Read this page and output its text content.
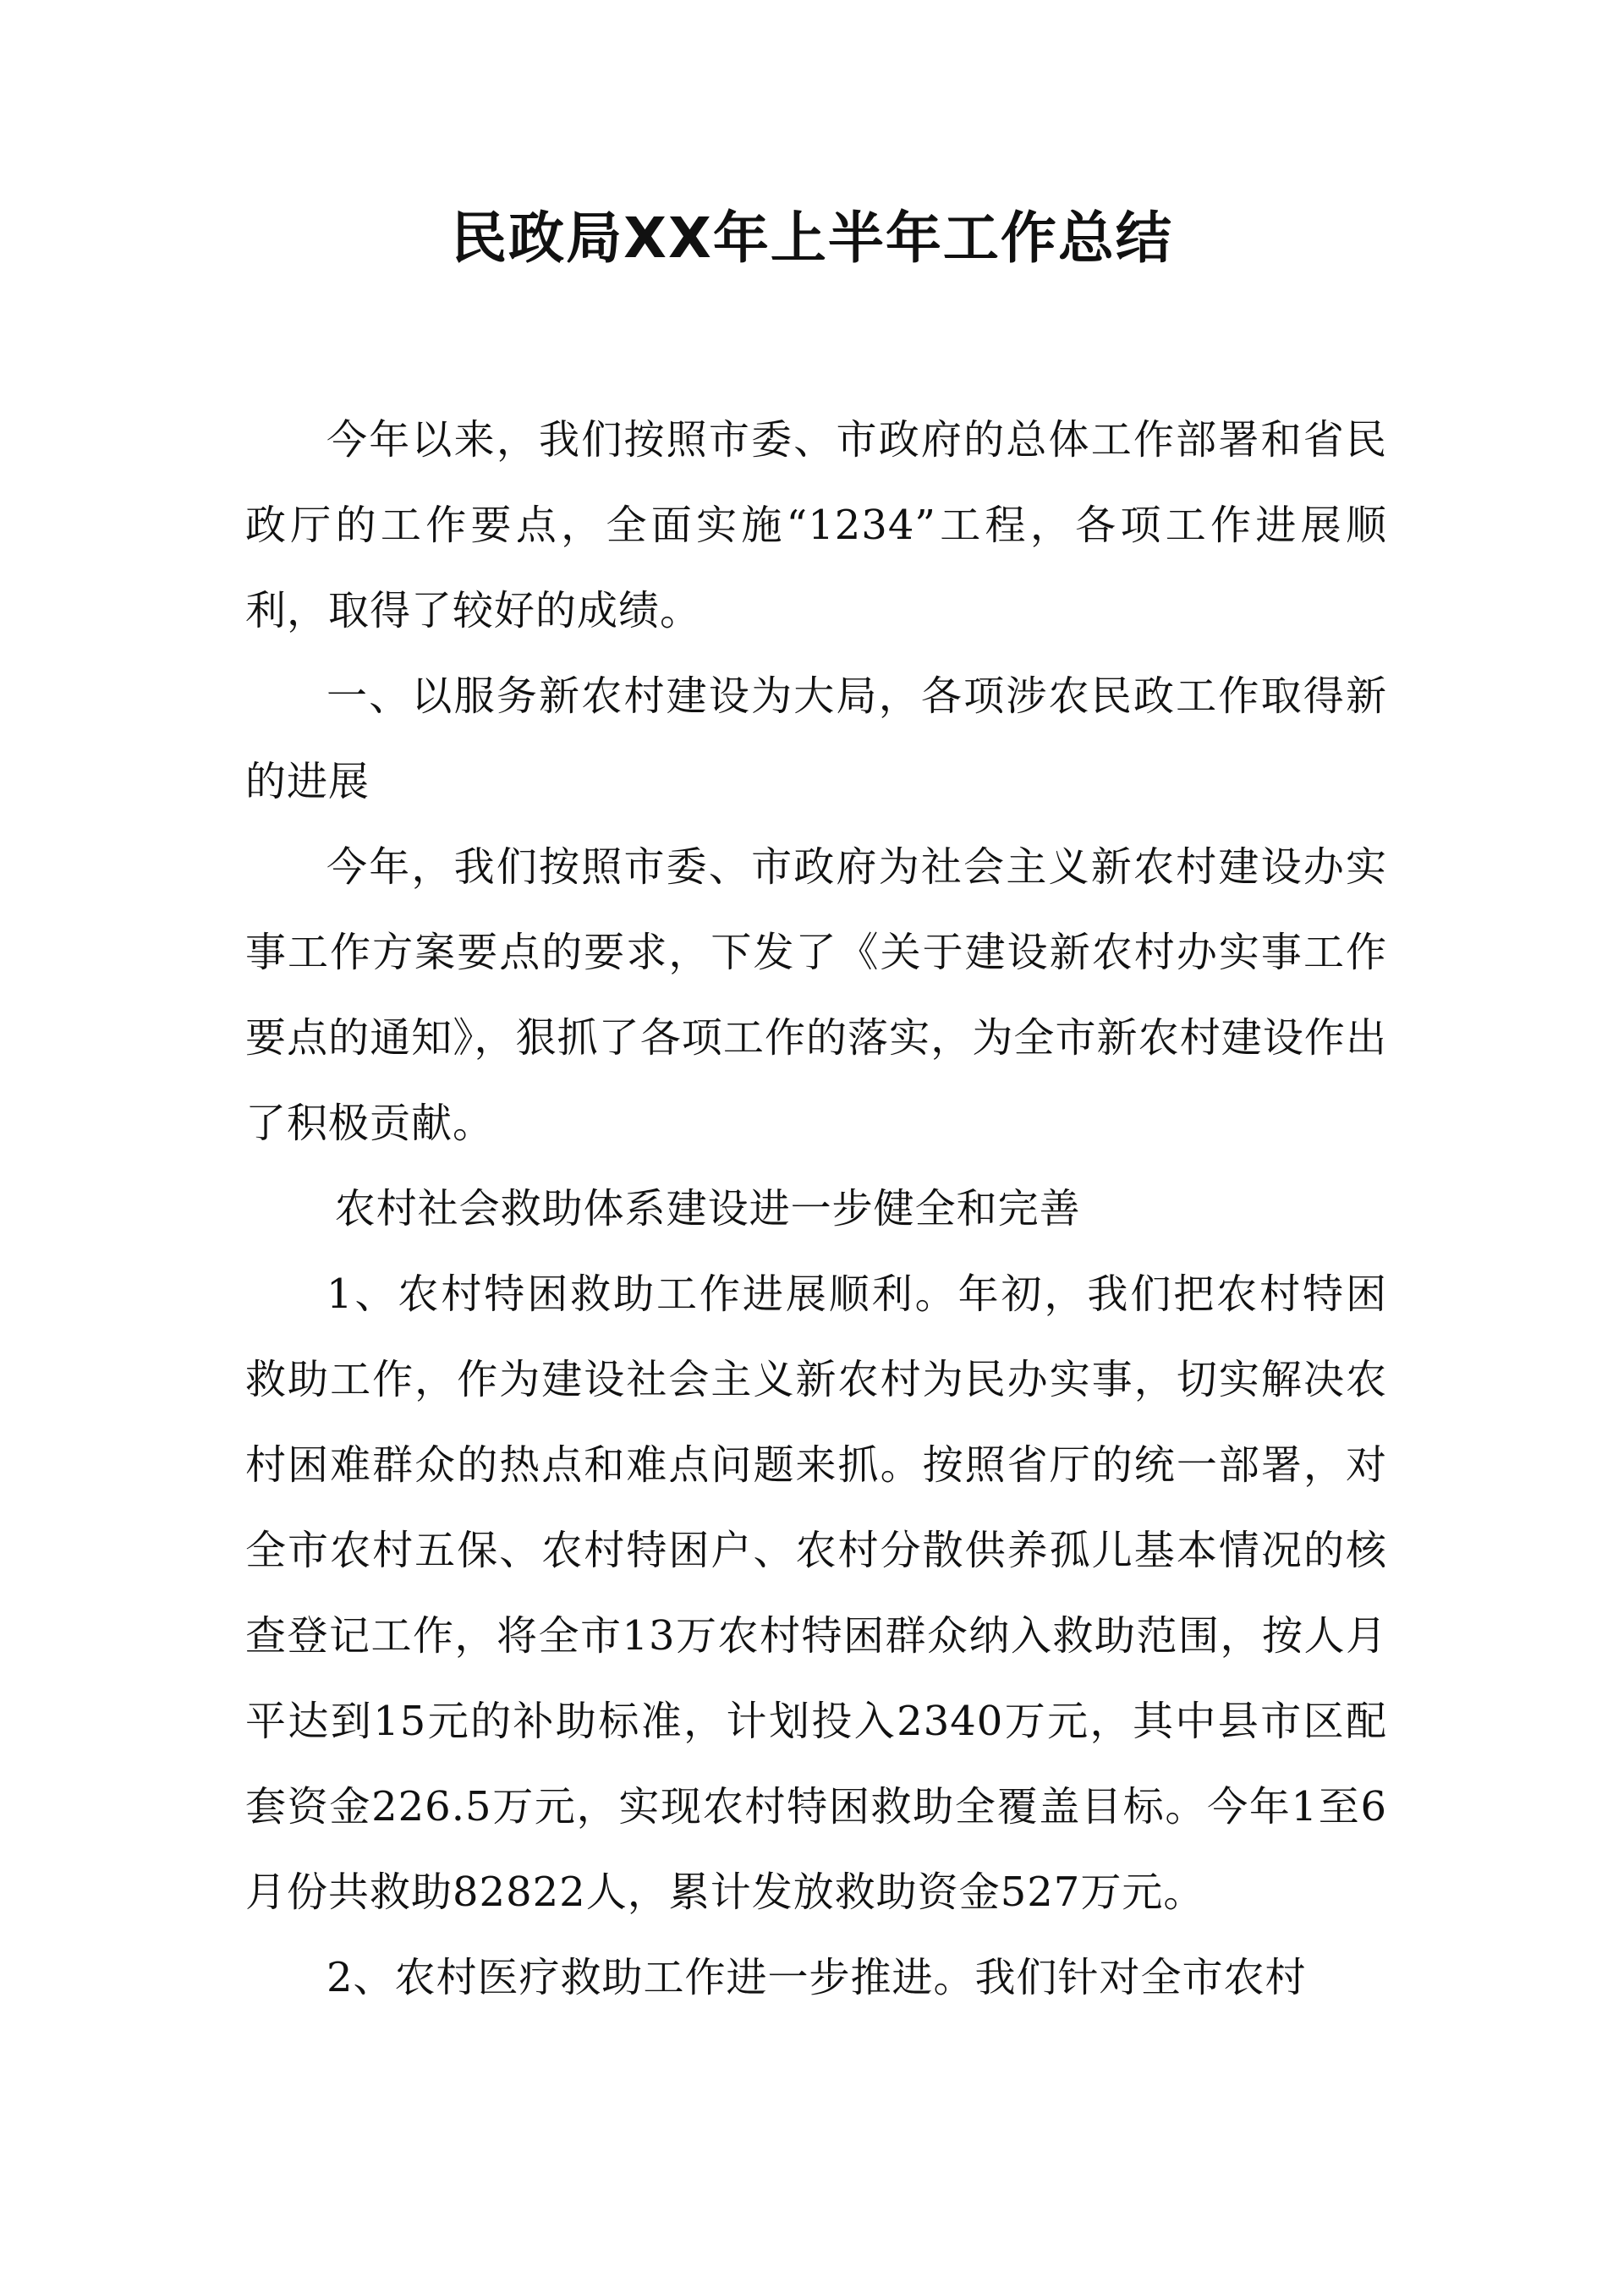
民政局XX年上半年工作总结

今年以来，我们按照市委、市政府的总体工作部署和省民政厅的工作要点，全面实施“1234”工程，各项工作进展顺利，取得了较好的成绩。

一、以服务新农村建设为大局，各项涉农民政工作取得新的进展

今年，我们按照市委、市政府为社会主义新农村建设办实事工作方案要点的要求，下发了《关于建设新农村办实事工作要点的通知》，狠抓了各项工作的落实，为全市新农村建设作出了积极贡献。

农村社会救助体系建设进一步健全和完善

1、农村特困救助工作进展顺利。年初，我们把农村特困救助工作，作为建设社会主义新农村为民办实事，切实解决农村困难群众的热点和难点问题来抓。按照省厅的统一部署，对全市农村五保、农村特困户、农村分散供养孤儿基本情况的核查登记工作，将全市13万农村特困群众纳入救助范围，按人月平达到15元的补助标准，计划投入2340万元，其中县市区配套资金226.5万元，实现农村特困救助全覆盖目标。今年1至6月份共救助82822人，累计发放救助资金527万元。

2、农村医疗救助工作进一步推进。我们针对全市农村
